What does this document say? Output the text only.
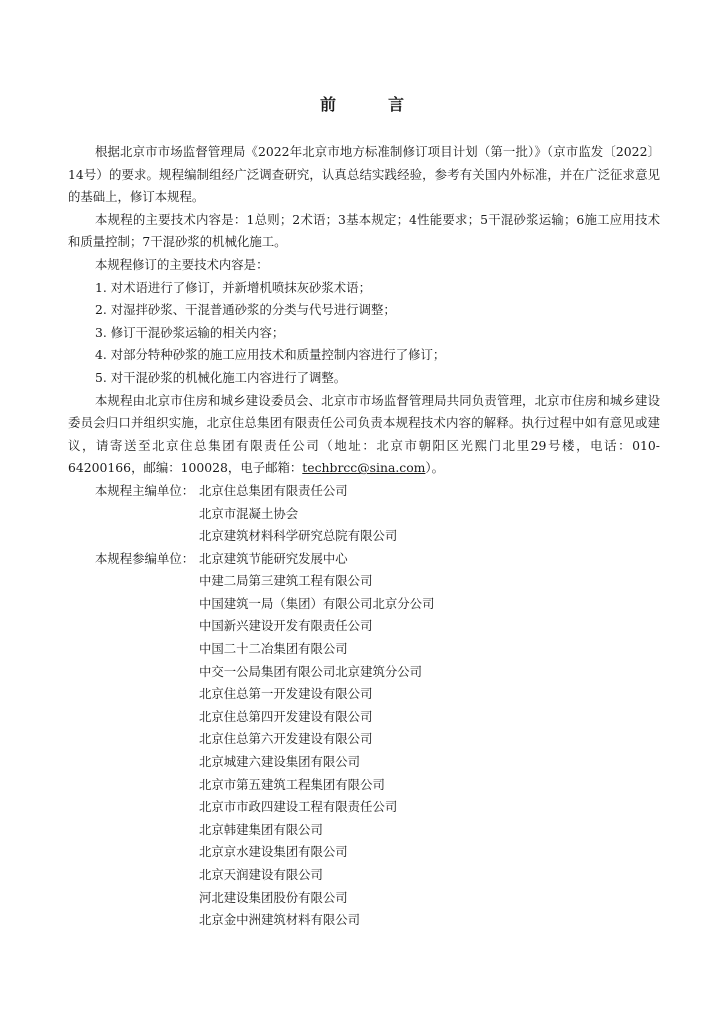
前　言

根据北京市市场监督管理局《2022年北京市地方标准制修订项目计划（第一批）》（京市监发〔2022〕14号）的要求。规程编制组经广泛调查研究，认真总结实践经验，参考有关国内外标准，并在广泛征求意见的基础上，修订本规程。

本规程的主要技术内容是：1总则；2术语；3基本规定；4性能要求；5干混砂浆运输；6施工应用技术和质量控制；7干混砂浆的机械化施工。

本规程修订的主要技术内容是：

1. 对术语进行了修订，并新增机喷抹灰砂浆术语；

2. 对湿拌砂浆、干混普通砂浆的分类与代号进行调整；

3. 修订干混砂浆运输的相关内容；

4. 对部分特种砂浆的施工应用技术和质量控制内容进行了修订；

5. 对干混砂浆的机械化施工内容进行了调整。

本规程由北京市住房和城乡建设委员会、北京市市场监督管理局共同负责管理，北京市住房和城乡建设委员会归口并组织实施，北京住总集团有限责任公司负责本规程技术内容的解释。执行过程中如有意见或建议，请寄送至北京住总集团有限责任公司（地址：北京市朝阳区光熙门北里29号楼，电话：010-64200166，邮编：100028，电子邮箱：techbrcc@sina.com）。

本规程主编单位： 北京住总集团有限责任公司

北京市混凝土协会

北京建筑材料科学研究总院有限公司

本规程参编单位： 北京建筑节能研究发展中心

中建二局第三建筑工程有限公司

中国建筑一局（集团）有限公司北京分公司

中国新兴建设开发有限责任公司

中国二十二冶集团有限公司

中交一公局集团有限公司北京建筑分公司

北京住总第一开发建设有限公司

北京住总第四开发建设有限公司

北京住总第六开发建设有限公司

北京城建六建设集团有限公司

北京市第五建筑工程集团有限公司

北京市市政四建设工程有限责任公司

北京韩建集团有限公司

北京京水建设集团有限公司

北京天润建设有限公司

河北建设集团股份有限公司

北京金中洲建筑材料有限公司
